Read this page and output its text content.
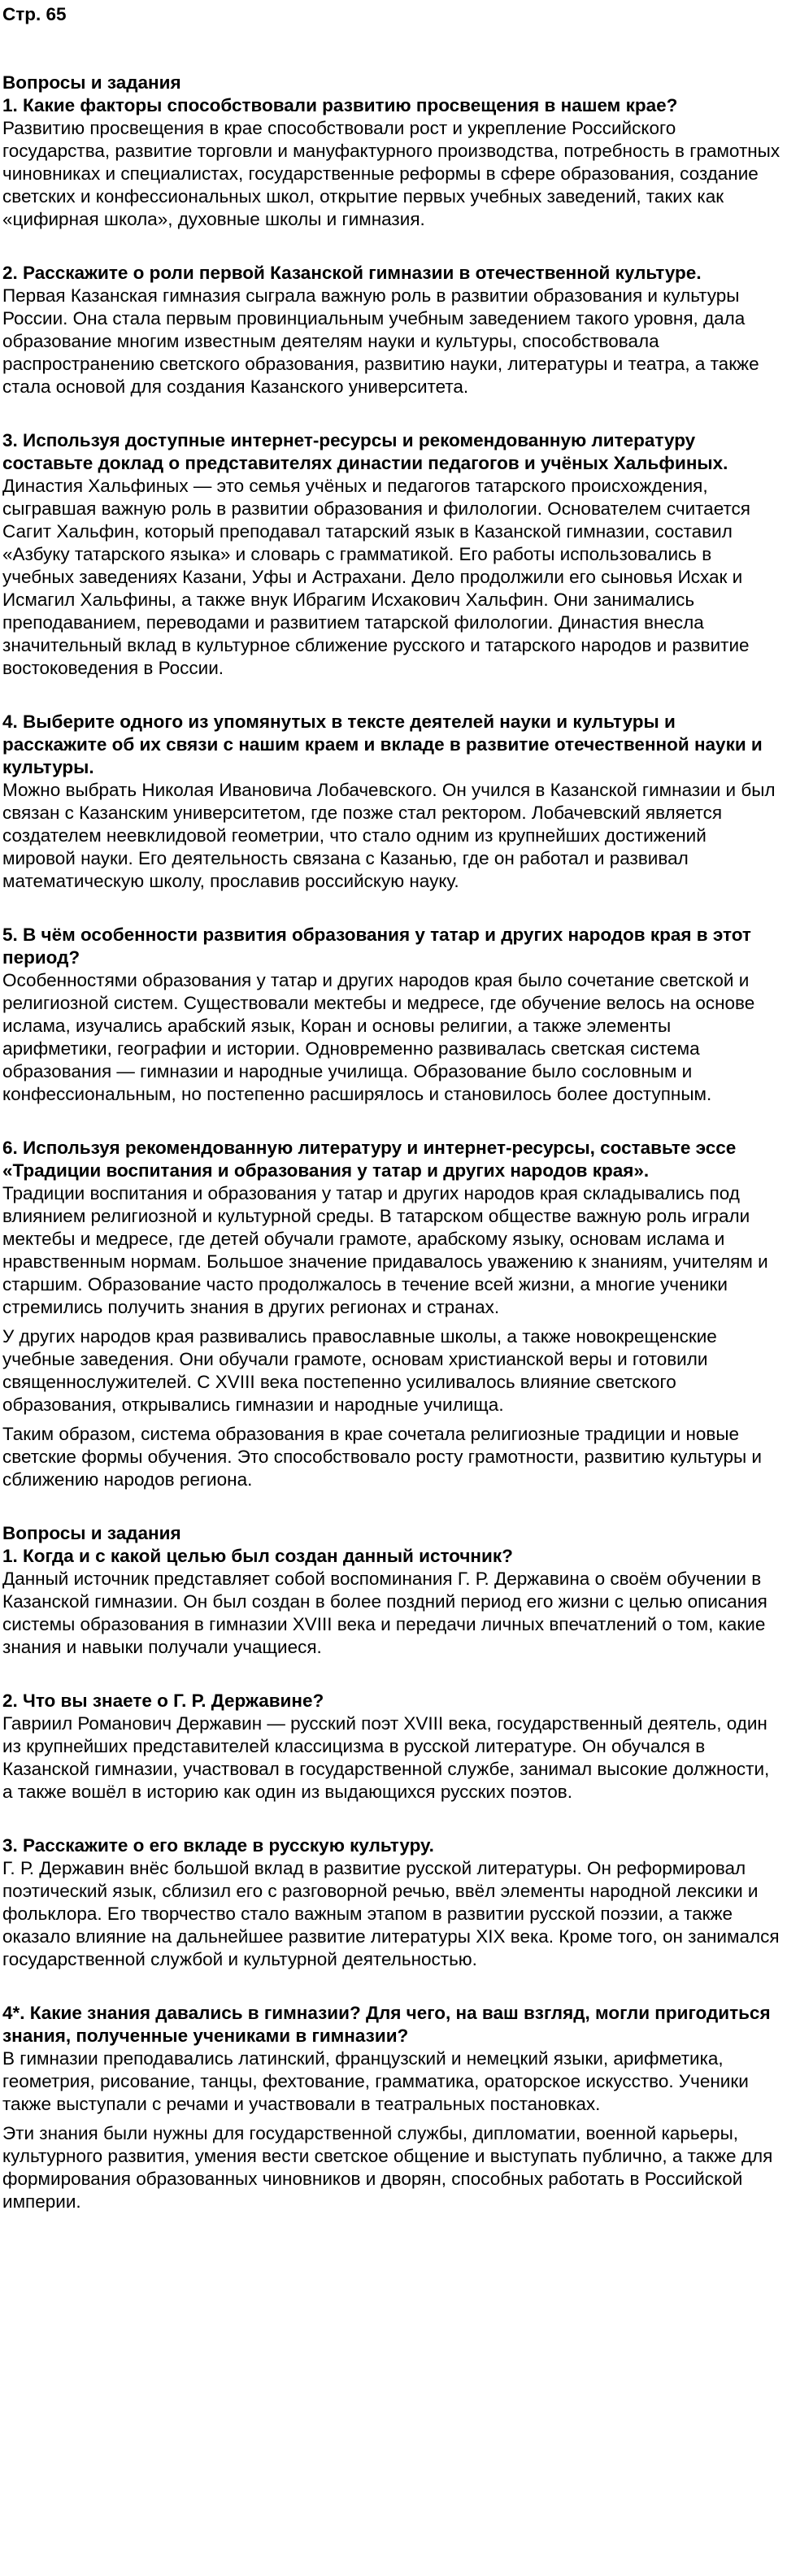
Стр. 65
Вопросы и задания
1. Какие факторы способствовали развитию просвещения в нашем крае?

Развитию просвещения в крае способствовали рост и укрепление Российского государства, развитие торговли и мануфактурного производства, потребность в грамотных чиновниках и специалистах, государственные реформы в сфере образования, создание светских и конфессиональных школ, открытие первых учебных заведений, таких как «цифирная школа», духовные школы и гимназия.

2. Расскажите о роли первой Казанской гимназии в отечественной культуре.

Первая Казанская гимназия сыграла важную роль в развитии образования и культуры России. Она стала первым провинциальным учебным заведением такого уровня, дала образование многим известным деятелям науки и культуры, способствовала распространению светского образования, развитию науки, литературы и театра, а также стала основой для создания Казанского университета.

3. Используя доступные интернет-ресурсы и рекомендованную литературу составьте доклад о представителях династии педагогов и учёных Хальфиных.

Династия Хальфиных — это семья учёных и педагогов татарского происхождения, сыгравшая важную роль в развитии образования и филологии. Основателем считается Сагит Хальфин, который преподавал татарский язык в Казанской гимназии, составил «Азбуку татарского языка» и словарь с грамматикой. Его работы использовались в учебных заведениях Казани, Уфы и Астрахани. Дело продолжили его сыновья Исхак и Исмагил Хальфины, а также внук Ибрагим Исхакович Хальфин. Они занимались преподаванием, переводами и развитием татарской филологии. Династия внесла значительный вклад в культурное сближение русского и татарского народов и развитие востоковедения в России.

4. Выберите одного из упомянутых в тексте деятелей науки и культуры и расскажите об их связи с нашим краем и вкладе в развитие отечественной науки и культуры.

Можно выбрать Николая Ивановича Лобачевского. Он учился в Казанской гимназии и был связан с Казанским университетом, где позже стал ректором. Лобачевский является создателем неевклидовой геометрии, что стало одним из крупнейших достижений мировой науки. Его деятельность связана с Казанью, где он работал и развивал математическую школу, прославив российскую науку.

5. В чём особенности развития образования у татар и других народов края в этот период?

Особенностями образования у татар и других народов края было сочетание светской и религиозной систем. Существовали мектебы и медресе, где обучение велось на основе ислама, изучались арабский язык, Коран и основы религии, а также элементы арифметики, географии и истории. Одновременно развивалась светская система образования — гимназии и народные училища. Образование было сословным и конфессиональным, но постепенно расширялось и становилось более доступным.

6. Используя рекомендованную литературу и интернет-ресурсы, составьте эссе «Традиции воспитания и образования у татар и других народов края».

Традиции воспитания и образования у татар и других народов края складывались под влиянием религиозной и культурной среды. В татарском обществе важную роль играли мектебы и медресе, где детей обучали грамоте, арабскому языку, основам ислама и нравственным нормам. Большое значение придавалось уважению к знаниям, учителям и старшим. Образование часто продолжалось в течение всей жизни, а многие ученики стремились получить знания в других регионах и странах.

У других народов края развивались православные школы, а также новокрещенские учебные заведения. Они обучали грамоте, основам христианской веры и готовили священнослужителей. С XVIII века постепенно усиливалось влияние светского образования, открывались гимназии и народные училища.

Таким образом, система образования в крае сочетала религиозные традиции и новые светские формы обучения. Это способствовало росту грамотности, развитию культуры и сближению народов региона.

Вопросы и задания
1. Когда и с какой целью был создан данный источник?

Данный источник представляет собой воспоминания Г. Р. Державина о своём обучении в Казанской гимназии. Он был создан в более поздний период его жизни с целью описания системы образования в гимназии XVIII века и передачи личных впечатлений о том, какие знания и навыки получали учащиеся.

2. Что вы знаете о Г. Р. Державине?

Гавриил Романович Державин — русский поэт XVIII века, государственный деятель, один из крупнейших представителей классицизма в русской литературе. Он обучался в Казанской гимназии, участвовал в государственной службе, занимал высокие должности, а также вошёл в историю как один из выдающихся русских поэтов.

3. Расскажите о его вкладе в русскую культуру.

Г. Р. Державин внёс большой вклад в развитие русской литературы. Он реформировал поэтический язык, сблизил его с разговорной речью, ввёл элементы народной лексики и фольклора. Его творчество стало важным этапом в развитии русской поэзии, а также оказало влияние на дальнейшее развитие литературы XIX века. Кроме того, он занимался государственной службой и культурной деятельностью.

4*. Какие знания давались в гимназии? Для чего, на ваш взгляд, могли пригодиться знания, полученные учениками в гимназии?

В гимназии преподавались латинский, французский и немецкий языки, арифметика, геометрия, рисование, танцы, фехтование, грамматика, ораторское искусство. Ученики также выступали с речами и участвовали в театральных постановках.

Эти знания были нужны для государственной службы, дипломатии, военной карьеры, культурного развития, умения вести светское общение и выступать публично, а также для формирования образованных чиновников и дворян, способных работать в Российской империи.
